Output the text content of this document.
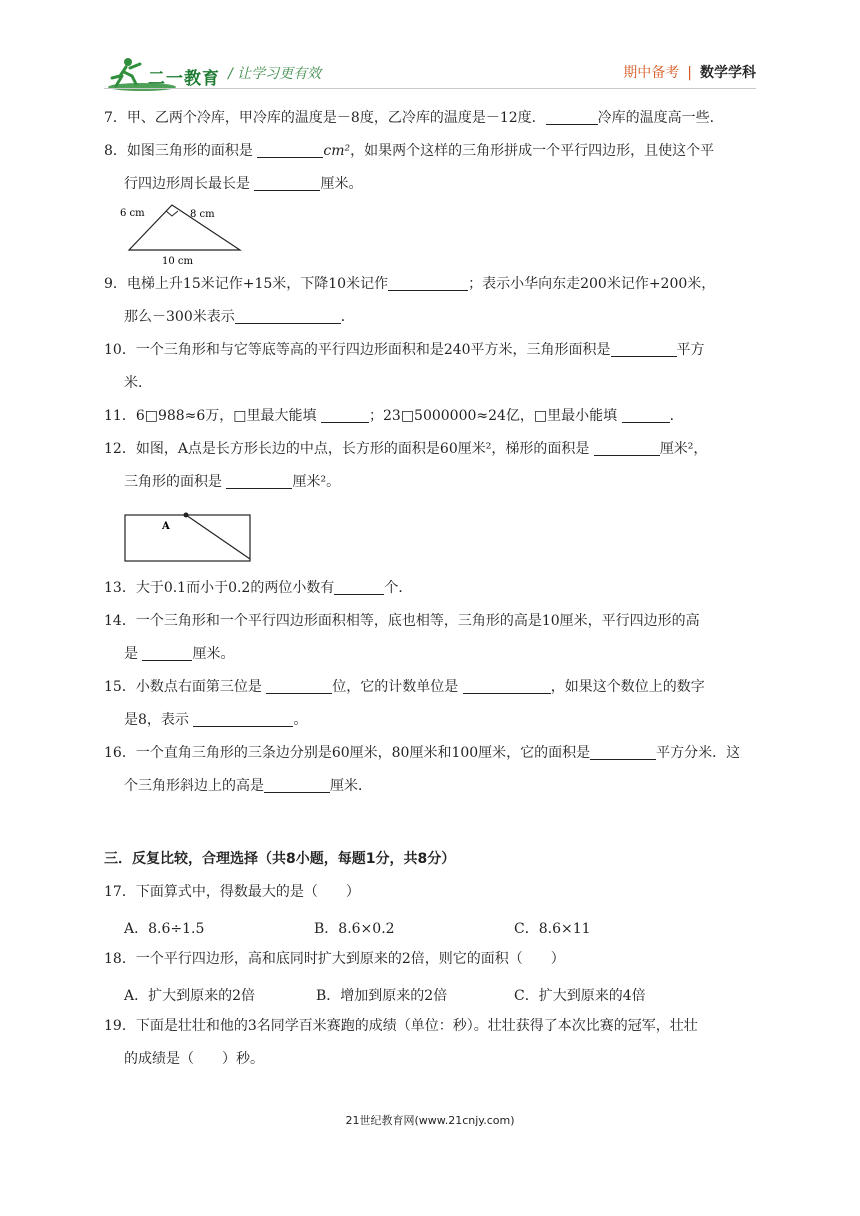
二一教育 / 让学习更有效	期中备考 | 数学学科
7．甲、乙两个冷库，甲冷库的温度是－8度，乙冷库的温度是－12度．	冷库的温度高一些．
8．如图三角形的面积是	cm²，如果两个这样的三角形拼成一个平行四边形，且使这个平
行四边形周长最长是	厘米。
6 cm	8 cm
10 cm
9．电梯上升15米记作+15米，下降10米记作	；表示小华向东走200米记作+200米，
那么－300米表示	．
10．一个三角形和与它等底等高的平行四边形面积和是240平方米，三角形面积是	平方
米．
11．6□988≈6万，□里最大能填	；23□5000000≈24亿，□里最小能填	．
12．如图，A点是长方形长边的中点，长方形的面积是60厘米²，梯形的面积是	厘米²，
三角形的面积是	厘米²。
A
13．大于0.1而小于0.2的两位小数有	个．
14．一个三角形和一个平行四边形面积相等，底也相等，三角形的高是10厘米，平行四边形的高
是	厘米。
15．小数点右面第三位是	位，它的计数单位是	，如果这个数位上的数字
是8，表示	。
16．一个直角三角形的三条边分别是60厘米，80厘米和100厘米，它的面积是	平方分米．这
个三角形斜边上的高是	厘米．
三．反复比较，合理选择（共8小题，每题1分，共8分）
17．下面算式中，得数最大的是（　　）
A．8.6÷1.5	B．8.6×0.2	C．8.6×11
18．一个平行四边形，高和底同时扩大到原来的2倍，则它的面积（　　）
A．扩大到原来的2倍	B．增加到原来的2倍	C．扩大到原来的4倍
19．下面是壮壮和他的3名同学百米赛跑的成绩（单位：秒）。壮壮获得了本次比赛的冠军，壮壮
的成绩是（　　）秒。
21世纪教育网(www.21cnjy.com)
